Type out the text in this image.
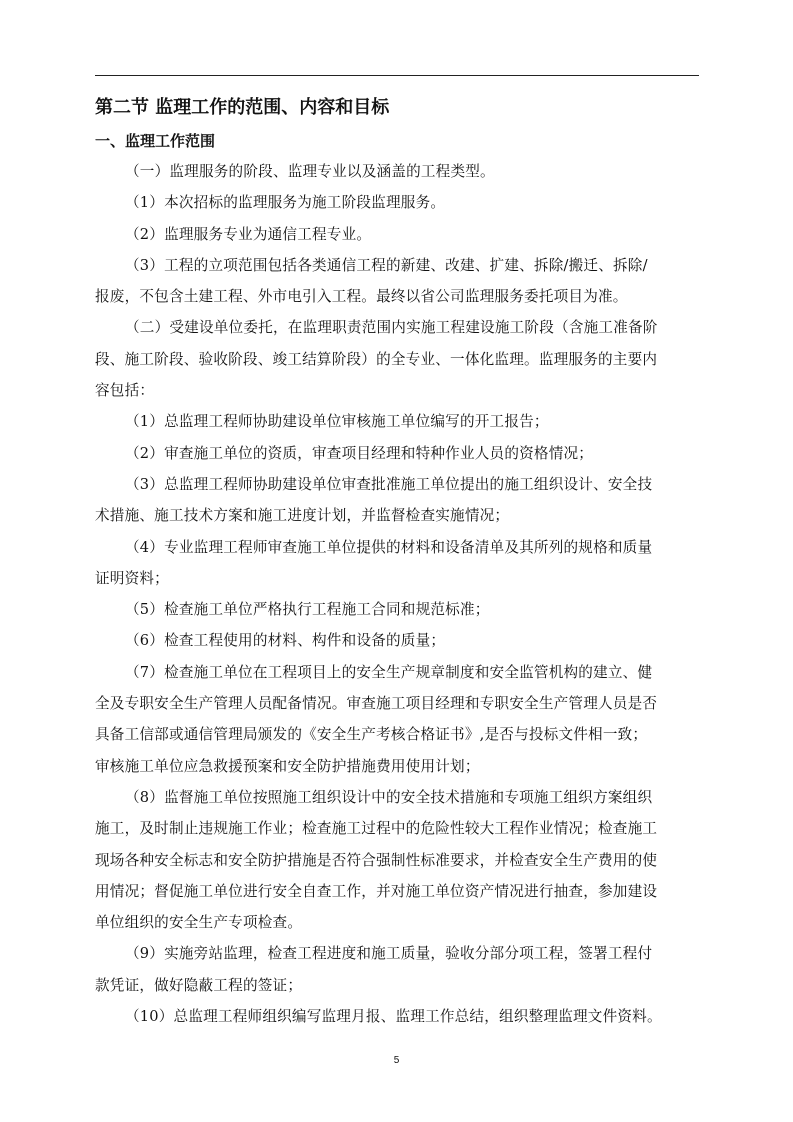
第二节 监理工作的范围、内容和目标
一、监理工作范围
（一）监理服务的阶段、监理专业以及涵盖的工程类型。
（1）本次招标的监理服务为施工阶段监理服务。
（2）监理服务专业为通信工程专业。
（3）工程的立项范围包括各类通信工程的新建、改建、扩建、拆除/搬迁、拆除/
报废，不包含土建工程、外市电引入工程。最终以省公司监理服务委托项目为准。
（二）受建设单位委托，在监理职责范围内实施工程建设施工阶段（含施工准备阶
段、施工阶段、验收阶段、竣工结算阶段）的全专业、一体化监理。监理服务的主要内
容包括：
（1）总监理工程师协助建设单位审核施工单位编写的开工报告；
（2）审查施工单位的资质，审查项目经理和特种作业人员的资格情况；
（3）总监理工程师协助建设单位审查批准施工单位提出的施工组织设计、安全技
术措施、施工技术方案和施工进度计划，并监督检查实施情况；
（4）专业监理工程师审查施工单位提供的材料和设备清单及其所列的规格和质量
证明资料；
（5）检查施工单位严格执行工程施工合同和规范标准；
（6）检查工程使用的材料、构件和设备的质量；
（7）检查施工单位在工程项目上的安全生产规章制度和安全监管机构的建立、健
全及专职安全生产管理人员配备情况。审查施工项目经理和专职安全生产管理人员是否
具备工信部或通信管理局颁发的《安全生产考核合格证书》,是否与投标文件相一致；
审核施工单位应急救援预案和安全防护措施费用使用计划；
（8）监督施工单位按照施工组织设计中的安全技术措施和专项施工组织方案组织
施工，及时制止违规施工作业；检查施工过程中的危险性较大工程作业情况；检查施工
现场各种安全标志和安全防护措施是否符合强制性标准要求，并检查安全生产费用的使
用情况；督促施工单位进行安全自查工作，并对施工单位资产情况进行抽查，参加建设
单位组织的安全生产专项检查。
（9）实施旁站监理，检查工程进度和施工质量，验收分部分项工程，签署工程付
款凭证，做好隐蔽工程的签证；
（10）总监理工程师组织编写监理月报、监理工作总结，组织整理监理文件资料。
5
